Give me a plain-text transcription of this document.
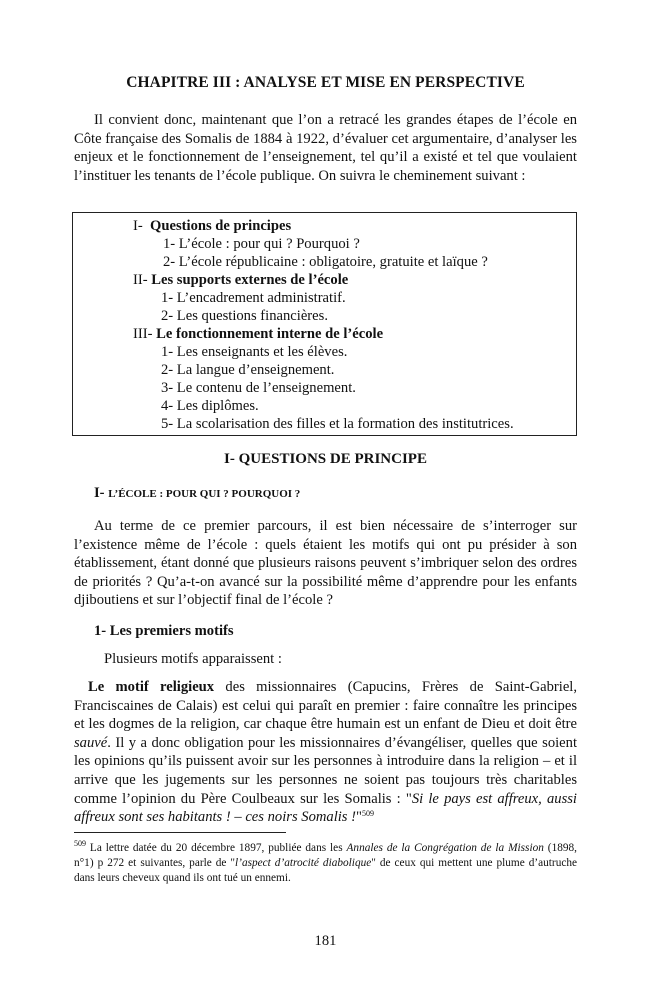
CHAPITRE III : ANALYSE ET MISE EN PERSPECTIVE

Il convient donc, maintenant que l’on a retracé les grandes étapes de l’école en Côte française des Somalis de 1884 à 1922, d’évaluer cet argumentaire, d’analyser les enjeux et le fonctionnement de l’enseignement, tel qu’il a existé et tel que voulaient l’instituer les tenants de l’école publique. On suivra le cheminement suivant :

I- Questions de principes
1- L’école : pour qui ? Pourquoi ?
2- L’école républicaine : obligatoire, gratuite et laïque ?
II- Les supports externes de l’école
1- L’encadrement administratif.
2- Les questions financières.
III- Le fonctionnement interne de l’école
1- Les enseignants et les élèves.
2- La langue d’enseignement.
3- Le contenu de l’enseignement.
4- Les diplômes.
5- La scolarisation des filles et la formation des institutrices.
I- QUESTIONS DE PRINCIPE
I- L’ÉCOLE : POUR QUI ? POURQUOI ?

Au terme de ce premier parcours, il est bien nécessaire de s’interroger sur l’existence même de l’école : quels étaient les motifs qui ont pu présider à son établissement, étant donné que plusieurs raisons peuvent s’imbriquer selon des ordres de priorités ? Qu’a-t-on avancé sur la possibilité même d’apprendre pour les enfants djiboutiens et sur l’objectif final de l’école ?

1- Les premiers motifs
Plusieurs motifs apparaissent :

Le motif religieux des missionnaires (Capucins, Frères de Saint-Gabriel, Franciscaines de Calais) est celui qui paraît en premier : faire connaître les principes et les dogmes de la religion, car chaque être humain est un enfant de Dieu et doit être sauvé. Il y a donc obligation pour les missionnaires d’évangéliser, quelles que soient les opinions qu’ils puissent avoir sur les personnes à introduire dans la religion – et il arrive que les jugements sur les personnes ne soient pas toujours très charitables comme l’opinion du Père Coulbeaux sur les Somalis : "Si le pays est affreux, aussi affreux sont ses habitants ! – ces noirs Somalis !"$^{509}$

$^{509}$ La lettre datée du 20 décembre 1897, publiée dans les Annales de la Congrégation de la Mission (1898, n°1) p 272 et suivantes, parle de "l’aspect d’atrocité diabolique" de ceux qui mettent une plume d’autruche dans leurs cheveux quand ils ont tué un ennemi.

181
